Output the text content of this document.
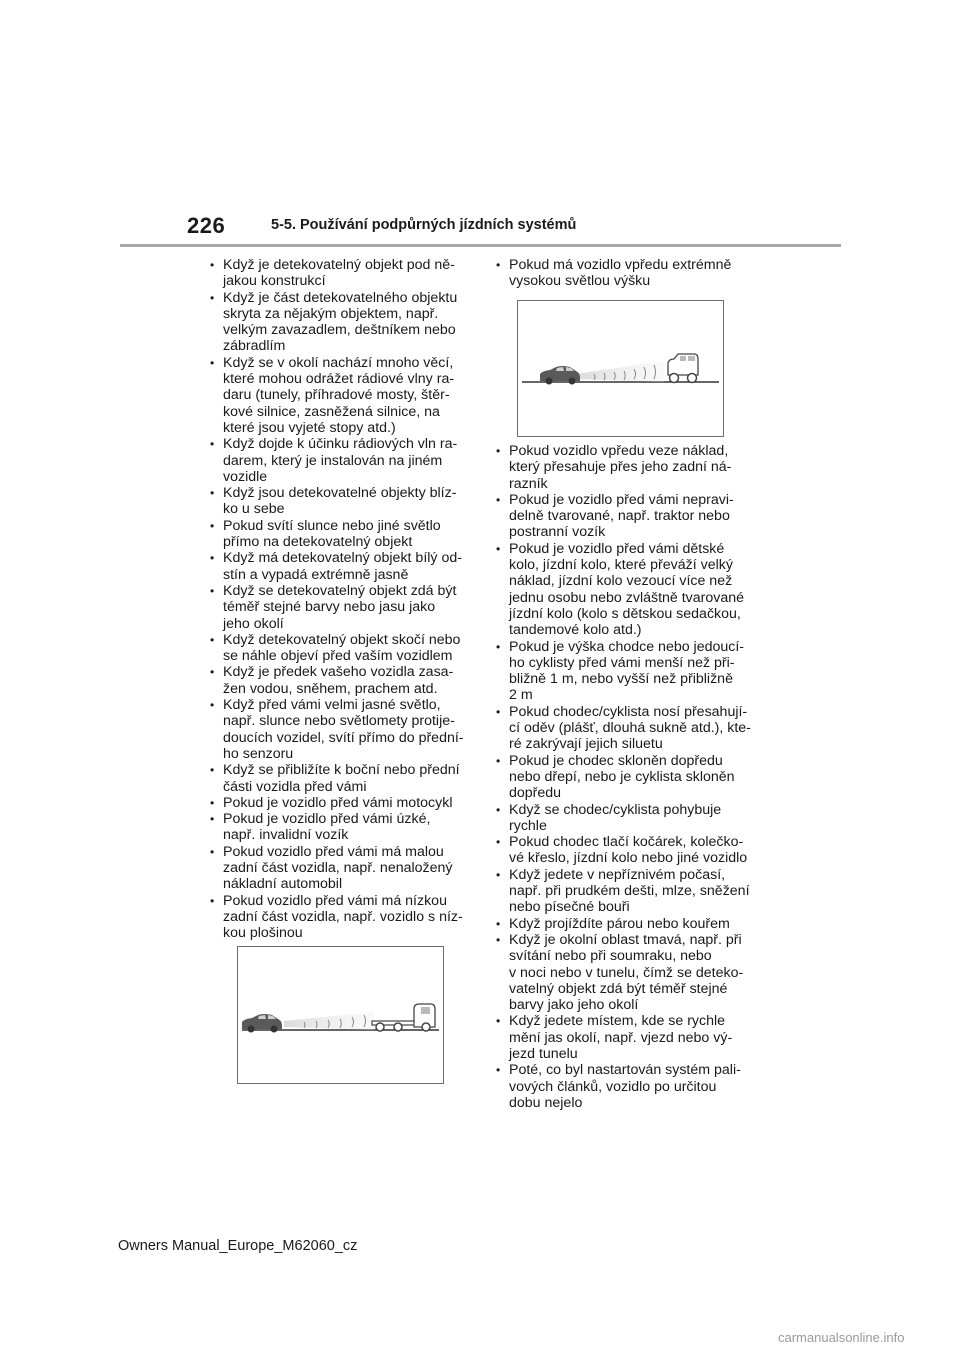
226	5-5. Používání podpůrných jízdních systémů
• Když je detekovatelný objekt pod ně-
jakou konstrukcí
• Když je část detekovatelného objektu
skryta za nějakým objektem, např.
velkým zavazadlem, deštníkem nebo
zábradlím
• Když se v okolí nachází mnoho věcí,
které mohou odrážet rádiové vlny ra-
daru (tunely, příhradové mosty, štěr-
kové silnice, zasněžená silnice, na
které jsou vyjeté stopy atd.)
• Když dojde k účinku rádiových vln ra-
darem, který je instalován na jiném
vozidle
• Když jsou detekovatelné objekty blíz-
ko u sebe
• Pokud svítí slunce nebo jiné světlo
přímo na detekovatelný objekt
• Když má detekovatelný objekt bílý od-
stín a vypadá extrémně jasně
• Když se detekovatelný objekt zdá být
téměř stejné barvy nebo jasu jako
jeho okolí
• Když detekovatelný objekt skočí nebo
se náhle objeví před vaším vozidlem
• Když je předek vašeho vozidla zasa-
žen vodou, sněhem, prachem atd.
• Když před vámi velmi jasné světlo,
např. slunce nebo světlomety protije-
doucích vozidel, svítí přímo do přední-
ho senzoru
• Když se přibližíte k boční nebo přední
části vozidla před vámi
• Pokud je vozidlo před vámi motocykl
• Pokud je vozidlo před vámi úzké,
např. invalidní vozík
• Pokud vozidlo před vámi má malou
zadní část vozidla, např. nenaložený
nákladní automobil
• Pokud vozidlo před vámi má nízkou
zadní část vozidla, např. vozidlo s níz-
kou plošinou
• Pokud má vozidlo vpředu extrémně
vysokou světlou výšku
• Pokud vozidlo vpředu veze náklad,
který přesahuje přes jeho zadní ná-
razník
• Pokud je vozidlo před vámi nepravi-
delně tvarované, např. traktor nebo
postranní vozík
• Pokud je vozidlo před vámi dětské
kolo, jízdní kolo, které převáží velký
náklad, jízdní kolo vezoucí více než
jednu osobu nebo zvláštně tvarované
jízdní kolo (kolo s dětskou sedačkou,
tandemové kolo atd.)
• Pokud je výška chodce nebo jedoucí-
ho cyklisty před vámi menší než při-
bližně 1 m, nebo vyšší než přibližně
2 m
• Pokud chodec/cyklista nosí přesahují-
cí oděv (plášť, dlouhá sukně atd.), kte-
ré zakrývají jejich siluetu
• Pokud je chodec skloněn dopředu
nebo dřepí, nebo je cyklista skloněn
dopředu
• Když se chodec/cyklista pohybuje
rychle
• Pokud chodec tlačí kočárek, kolečko-
vé křeslo, jízdní kolo nebo jiné vozidlo
• Když jedete v nepříznivém počasí,
např. při prudkém dešti, mlze, sněžení
nebo písečné bouři
• Když projíždíte párou nebo kouřem
• Když je okolní oblast tmavá, např. při
svítání nebo při soumraku, nebo
v noci nebo v tunelu, čímž se deteko-
vatelný objekt zdá být téměř stejné
barvy jako jeho okolí
• Když jedete místem, kde se rychle
mění jas okolí, např. vjezd nebo vý-
jezd tunelu
• Poté, co byl nastartován systém pali-
vových článků, vozidlo po určitou
dobu nejelo
Owners Manual_Europe_M62060_cz
carmanualsonline.info
